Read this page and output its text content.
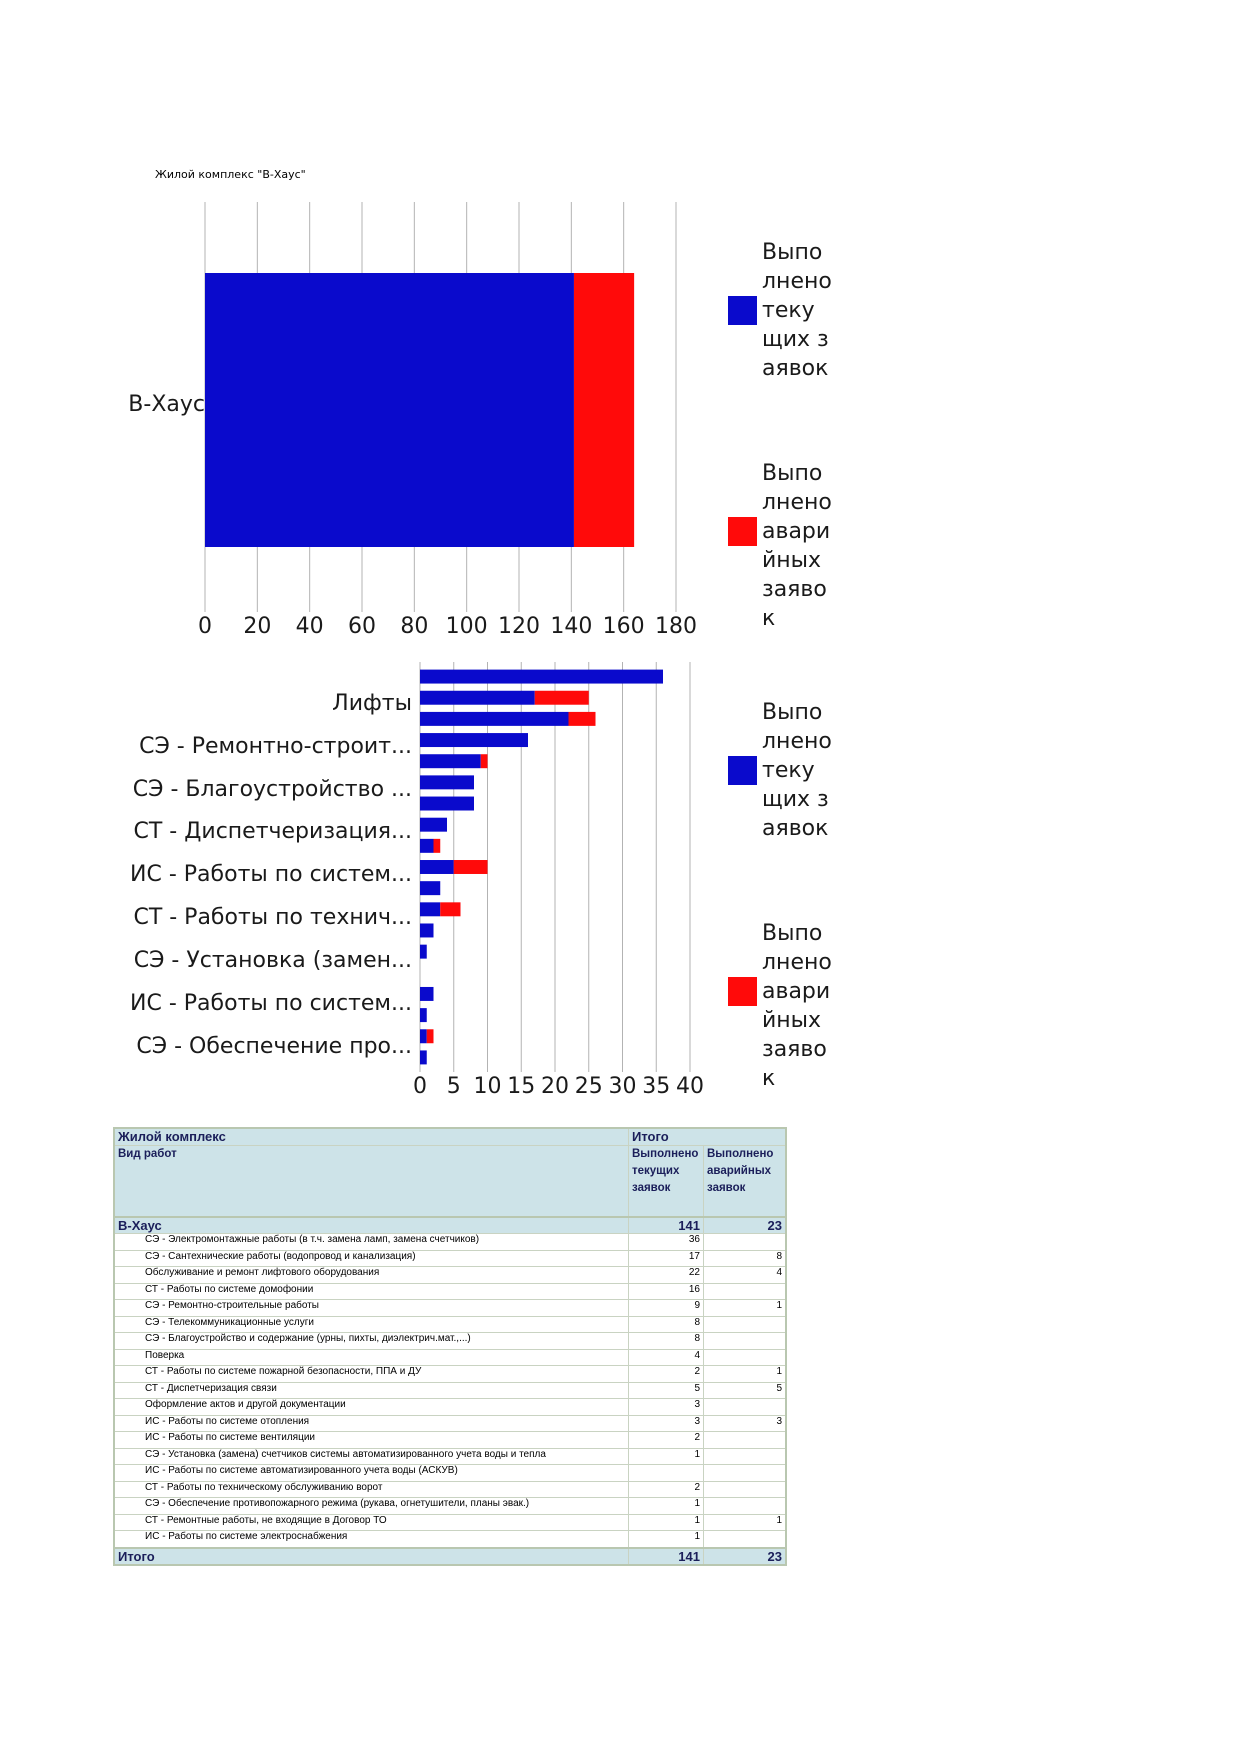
Жилой комплекс "В-Хаус"
В-Хаус
0 20 40 60 80 100 120 140 160 180
Выполнено текущих заявок
Выполнено аварийных заявок
Лифты
СЭ - Ремонтно-строит...
СЭ - Благоустройство ...
СТ - Диспетчеризация...
ИС - Работы по систем...
СТ - Работы по технич...
СЭ - Установка (замен...
ИС - Работы по систем...
СЭ - Обеспечение про...
0 5 10 15 20 25 30 35 40
Выполнено текущих заявок
Выполнено аварийных заявок
Жилой комплекс	Итого	
Вид работ	Выполнено текущих заявок	Выполнено аварийных заявок
В-Хаус	141	23
СЭ - Электромонтажные работы (в т.ч. замена ламп, замена счетчиков)	36	
СЭ - Сантехнические работы (водопровод и канализация)	17	8
Обслуживание и ремонт лифтового оборудования	22	4
СТ - Работы по системе домофонии	16	
СЭ - Ремонтно-строительные работы	9	1
СЭ - Телекоммуникационные услуги	8	
СЭ - Благоустройство и содержание (урны, пихты, диэлектрич.мат.,...)	8	
Поверка	4	
СТ - Работы по системе пожарной безопасности, ППА и ДУ	2	1
СТ - Диспетчеризация связи	5	5
Оформление актов и другой документации	3	
ИС - Работы по системе отопления	3	3
ИС - Работы по системе вентиляции	2	
СЭ - Установка (замена) счетчиков системы автоматизированного учета воды и тепла	1	
ИС - Работы по системе автоматизированного учета воды (АСКУВ)		
СТ - Работы по техническому обслуживанию ворот	2	
СЭ - Обеспечение противопожарного режима (рукава, огнетушители, планы эвак.)	1	
СТ - Ремонтные работы, не входящие в Договор ТО	1	1
ИС - Работы по системе электроснабжения	1	
Итого	141	23
